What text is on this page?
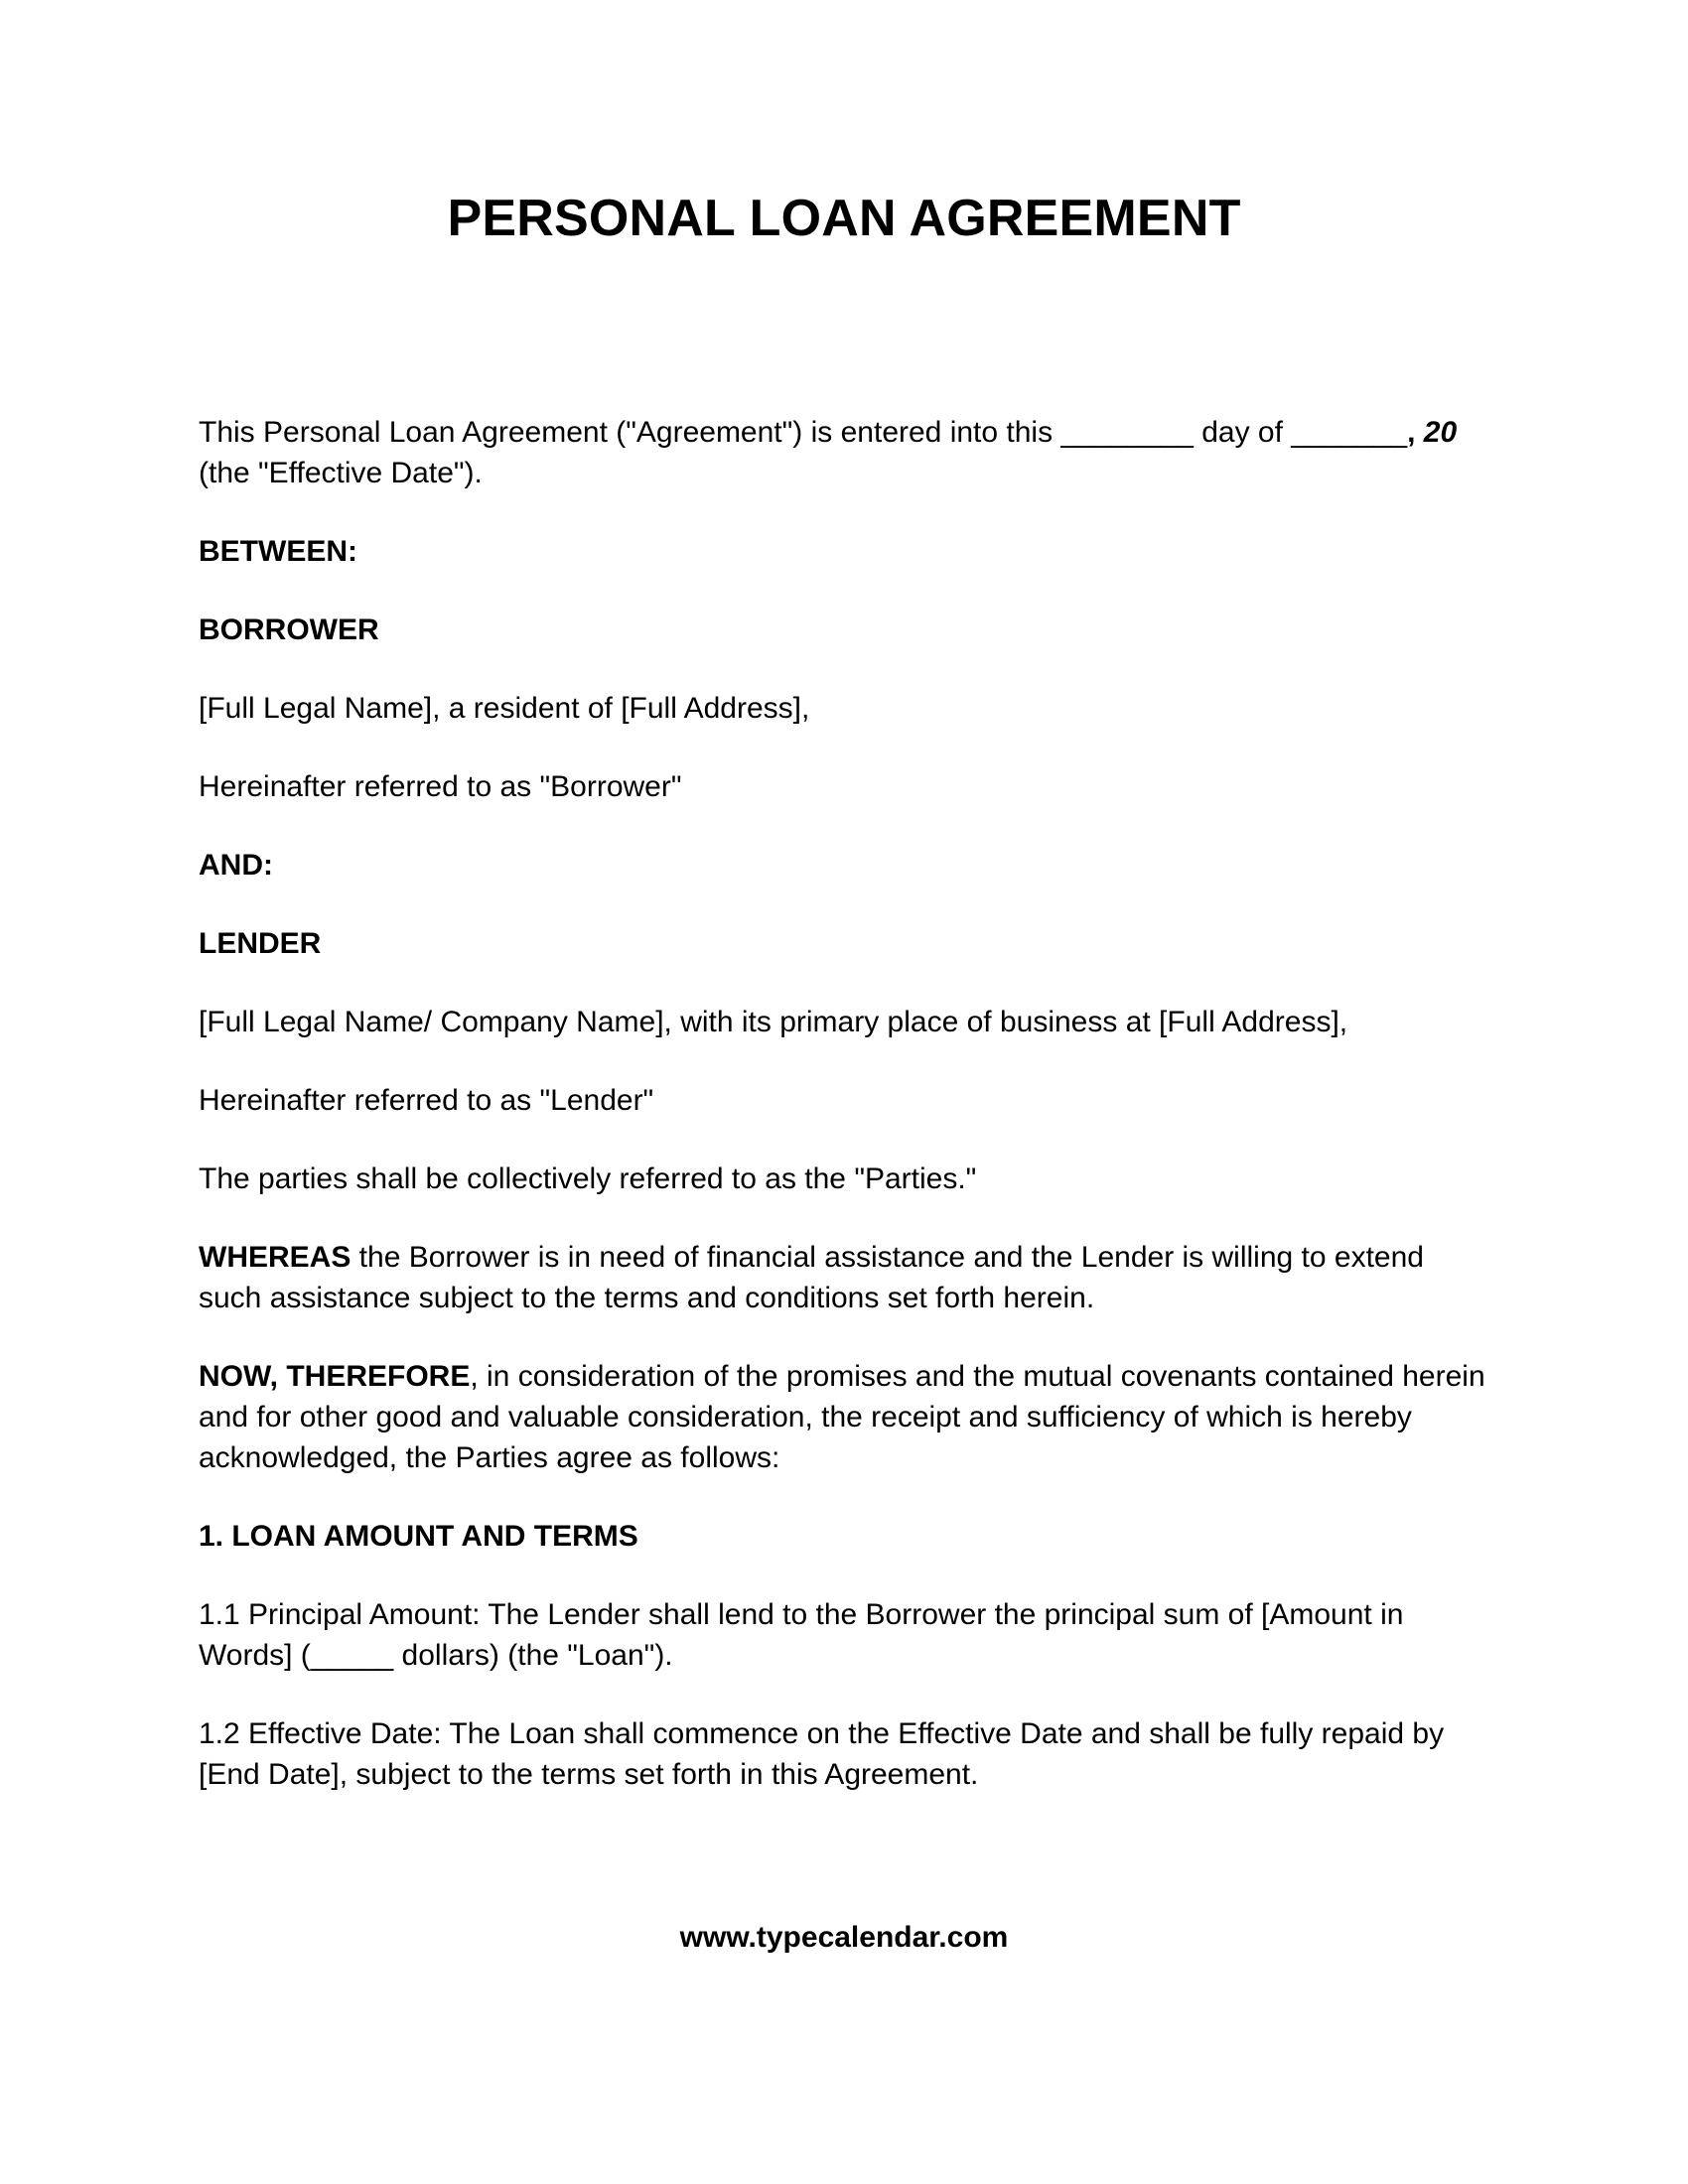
PERSONAL LOAN AGREEMENT

This Personal Loan Agreement ("Agreement") is entered into this ________ day of _______, 20
(the "Effective Date").

BETWEEN:

BORROWER

[Full Legal Name], a resident of [Full Address],

Hereinafter referred to as "Borrower"

AND:

LENDER

[Full Legal Name/ Company Name], with its primary place of business at [Full Address],

Hereinafter referred to as "Lender"

The parties shall be collectively referred to as the "Parties."

WHEREAS the Borrower is in need of financial assistance and the Lender is willing to extend such assistance subject to the terms and conditions set forth herein.

NOW, THEREFORE, in consideration of the promises and the mutual covenants contained herein and for other good and valuable consideration, the receipt and sufficiency of which is hereby acknowledged, the Parties agree as follows:

1. LOAN AMOUNT AND TERMS

1.1 Principal Amount: The Lender shall lend to the Borrower the principal sum of [Amount in Words] (_____ dollars) (the "Loan").

1.2 Effective Date: The Loan shall commence on the Effective Date and shall be fully repaid by [End Date], subject to the terms set forth in this Agreement.

www.typecalendar.com
